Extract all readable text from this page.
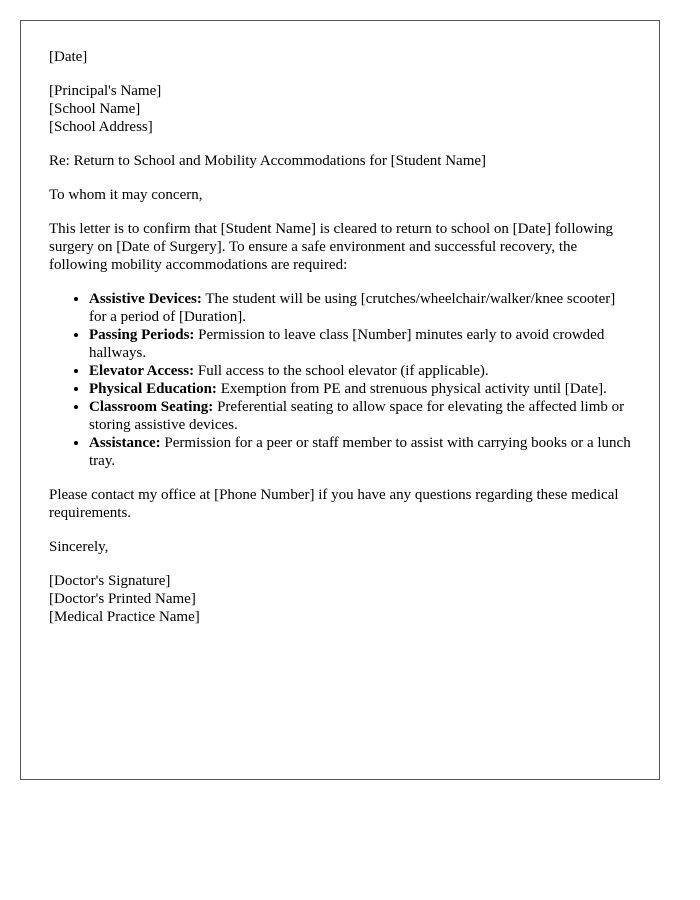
[Date]

[Principal's Name]
[School Name]
[School Address]

Re: Return to School and Mobility Accommodations for [Student Name]

To whom it may concern,

This letter is to confirm that [Student Name] is cleared to return to school on [Date] following surgery on [Date of Surgery]. To ensure a safe environment and successful recovery, the following mobility accommodations are required:

• Assistive Devices: The student will be using [crutches/wheelchair/walker/knee scooter] for a period of [Duration].
• Passing Periods: Permission to leave class [Number] minutes early to avoid crowded hallways.
• Elevator Access: Full access to the school elevator (if applicable).
• Physical Education: Exemption from PE and strenuous physical activity until [Date].
• Classroom Seating: Preferential seating to allow space for elevating the affected limb or storing assistive devices.
• Assistance: Permission for a peer or staff member to assist with carrying books or a lunch tray.

Please contact my office at [Phone Number] if you have any questions regarding these medical requirements.

Sincerely,

[Doctor's Signature]
[Doctor's Printed Name]
[Medical Practice Name]
